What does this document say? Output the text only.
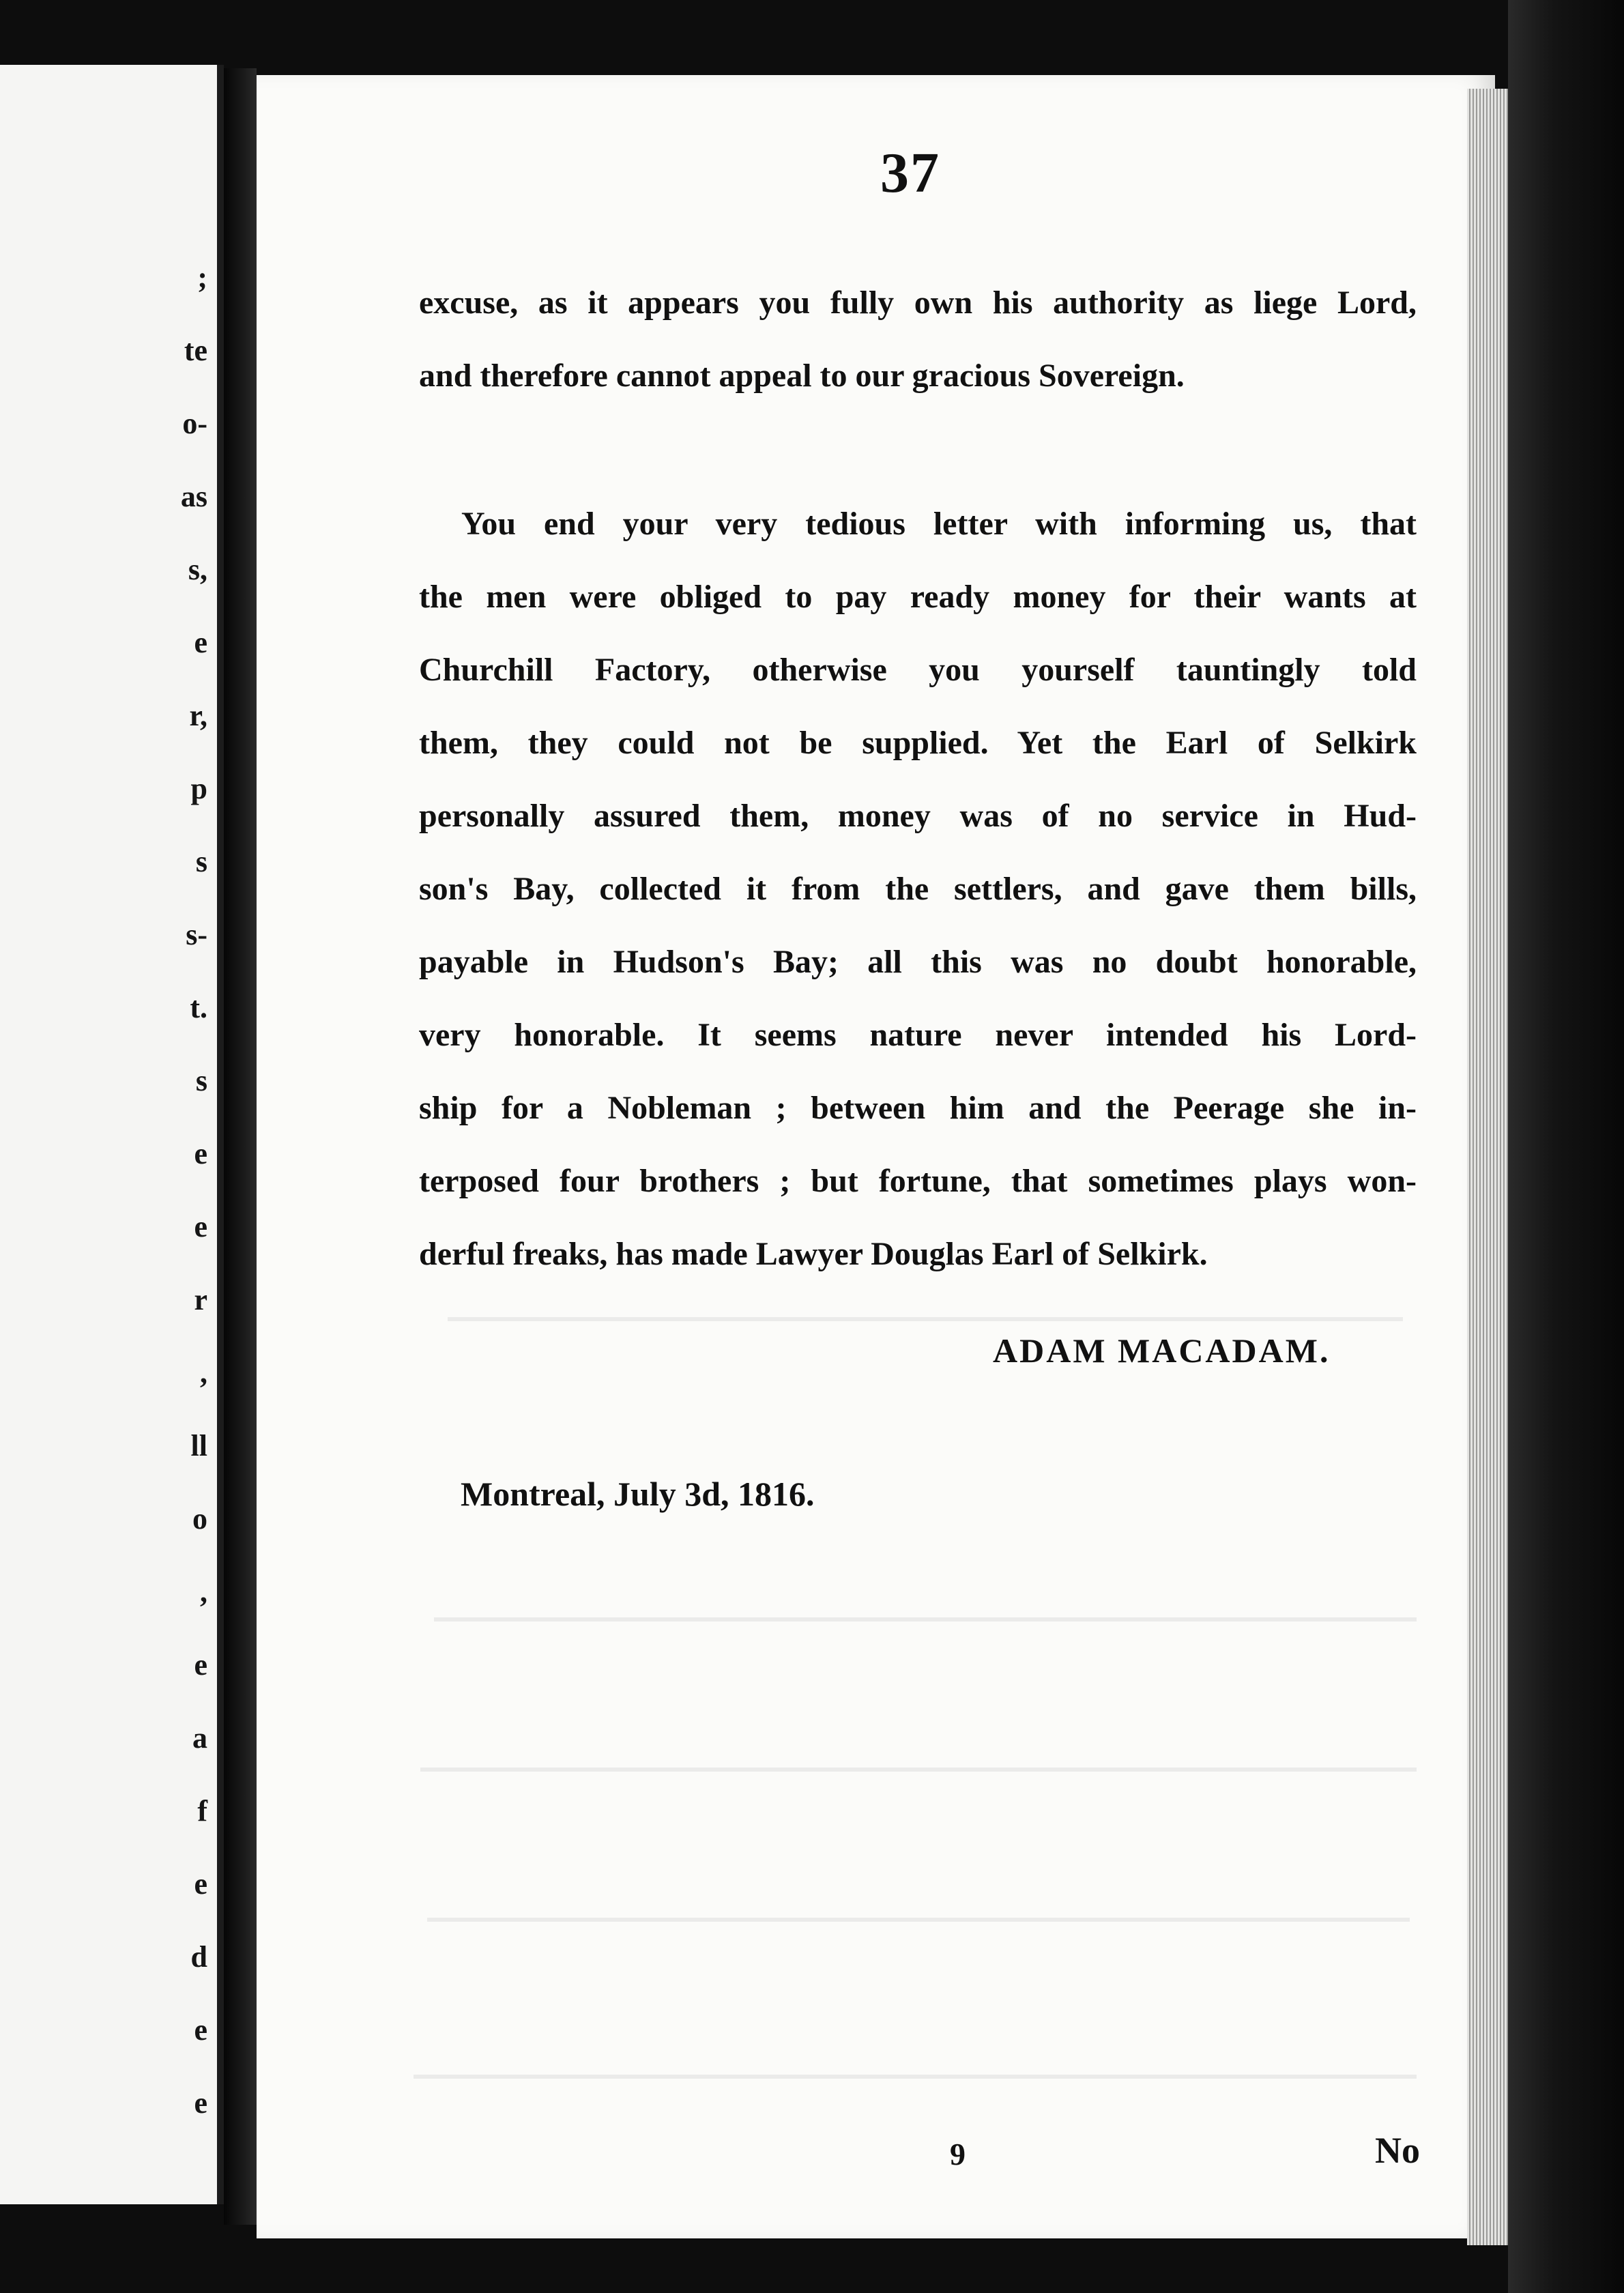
;
te
o-
as
s,
e
r,
p
s
s-
t.
s
e
e
r
,
ll
o
,
e
a
f
e
d
e
e
37
excuse, as it appears you fully own his authority as liege Lord,
and therefore cannot appeal to our gracious Sovereign.
You end your very tedious letter with informing us, that
the men were obliged to pay ready money for their wants at
Churchill Factory, otherwise you yourself tauntingly told
them, they could not be supplied. Yet the Earl of Selkirk
personally assured them, money was of no service in Hud-
son's Bay, collected it from the settlers, and gave them bills,
payable in Hudson's Bay; all this was no doubt honorable,
very honorable. It seems nature never intended his Lord-
ship for a Nobleman ; between him and the Peerage she in-
terposed four brothers ; but fortune, that sometimes plays won-
derful freaks, has made Lawyer Douglas Earl of Selkirk.
ADAM MACADAM.
Montreal, July 3d, 1816.
9	No
